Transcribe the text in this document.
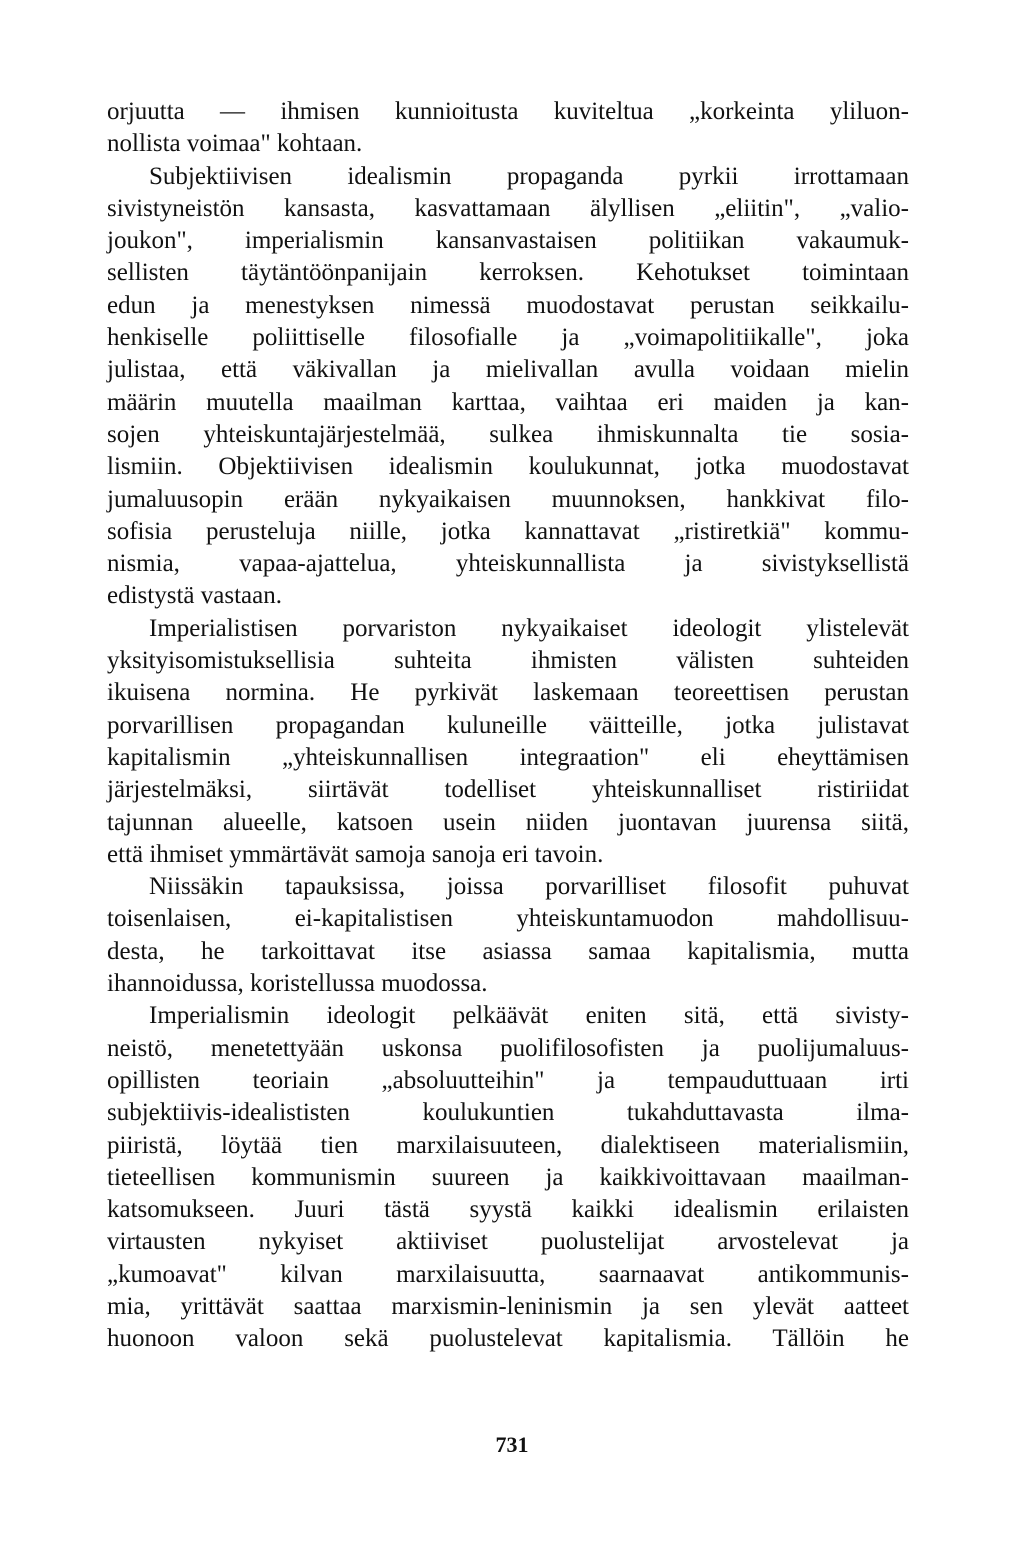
orjuutta — ihmisen kunnioitusta kuviteltua „korkeinta yliluon-
nollista voimaa" kohtaan.
Subjektiivisen idealismin propaganda pyrkii irrottamaan
sivistyneistön kansasta, kasvattamaan älyllisen „eliitin", „valio-
joukon", imperialismin kansanvastaisen politiikan vakaumuk-
sellisten täytäntöönpanijain kerroksen. Kehotukset toimintaan
edun ja menestyksen nimessä muodostavat perustan seikkailu-
henkiselle poliittiselle filosofialle ja „voimapolitiikalle", joka
julistaa, että väkivallan ja mielivallan avulla voidaan mielin
määrin muutella maailman karttaa, vaihtaa eri maiden ja kan-
sojen yhteiskuntajärjestelmää, sulkea ihmiskunnalta tie sosia-
lismiin. Objektiivisen idealismin koulukunnat, jotka muodostavat
jumaluusopin erään nykyaikaisen muunnoksen, hankkivat filo-
sofisia perusteluja niille, jotka kannattavat „ristiretkiä" kommu-
nismia, vapaa-ajattelua, yhteiskunnallista ja sivistyksellistä
edistystä vastaan.
Imperialistisen porvariston nykyaikaiset ideologit ylistelevät
yksityisomistuksellisia suhteita ihmisten välisten suhteiden
ikuisena normina. He pyrkivät laskemaan teoreettisen perustan
porvarillisen propagandan kuluneille väitteille, jotka julistavat
kapitalismin „yhteiskunnallisen integraation" eli eheyttämisen
järjestelmäksi, siirtävät todelliset yhteiskunnalliset ristiriidat
tajunnan alueelle, katsoen usein niiden juontavan juurensa siitä,
että ihmiset ymmärtävät samoja sanoja eri tavoin.
Niissäkin tapauksissa, joissa porvarilliset filosofit puhuvat
toisenlaisen, ei-kapitalistisen yhteiskuntamuodon mahdollisuu-
desta, he tarkoittavat itse asiassa samaa kapitalismia, mutta
ihannoidussa, koristellussa muodossa.
Imperialismin ideologit pelkäävät eniten sitä, että sivisty-
neistö, menetettyään uskonsa puolifilosofisten ja puolijumaluus-
opillisten teoriain „absoluutteihin" ja tempauduttuaan irti
subjektiivis-idealististen koulukuntien tukahduttavasta ilma-
piiristä, löytää tien marxilaisuuteen, dialektiseen materialismiin,
tieteellisen kommunismin suureen ja kaikkivoittavaan maailman-
katsomukseen. Juuri tästä syystä kaikki idealismin erilaisten
virtausten nykyiset aktiiviset puolustelijat arvostelevat ja
„kumoavat" kilvan marxilaisuutta, saarnaavat antikommunis-
mia, yrittävät saattaa marxismin-leninismin ja sen ylevät aatteet
huonoon valoon sekä puolustelevat kapitalismia. Tällöin he
731
